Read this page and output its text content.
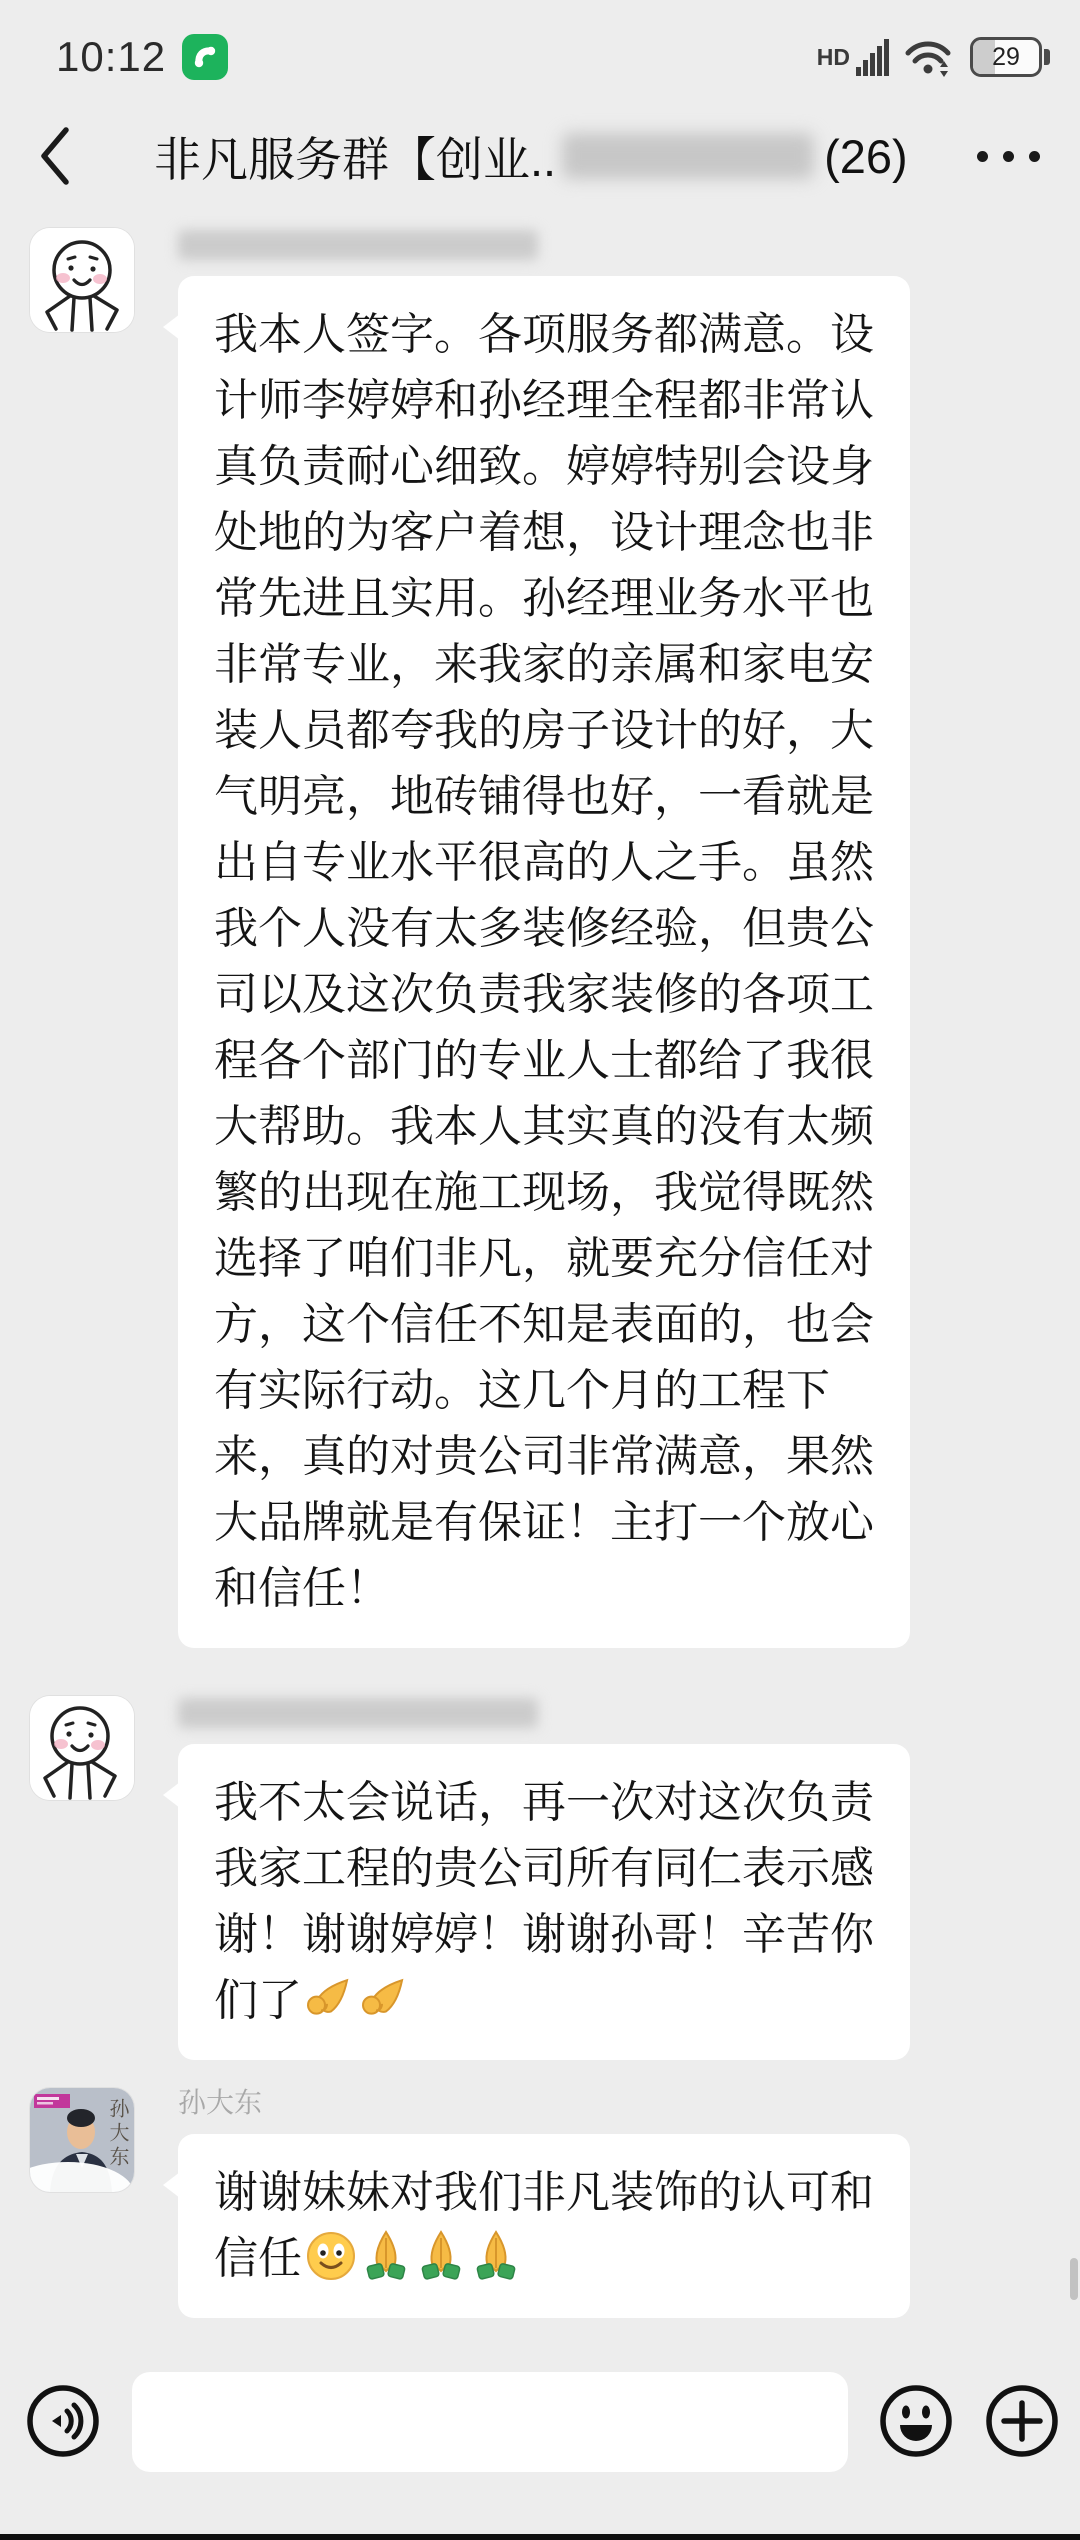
10:12	HD	29
非凡服务群【创业..	(26)
我本人签字。各项服务都满意。设计师李婷婷和孙经理全程都非常认真负责耐心细致。婷婷特别会设身处地的为客户着想，设计理念也非常先进且实用。孙经理业务水平也非常专业，来我家的亲属和家电安装人员都夸我的房子设计的好，大气明亮，地砖铺得也好，一看就是出自专业水平很高的人之手。虽然我个人没有太多装修经验，但贵公司以及这次负责我家装修的各项工程各个部门的专业人士都给了我很大帮助。我本人其实真的没有太频繁的出现在施工现场，我觉得既然选择了咱们非凡，就要充分信任对方，这个信任不知是表面的，也会有实际行动。这几个月的工程下来，真的对贵公司非常满意，果然大品牌就是有保证！主打一个放心和信任！
我不太会说话，再一次对这次负责我家工程的贵公司所有同仁表示感谢！谢谢婷婷！谢谢孙哥！辛苦你们了
孙大东 孙大东
谢谢妹妹对我们非凡装饰的认可和信任
